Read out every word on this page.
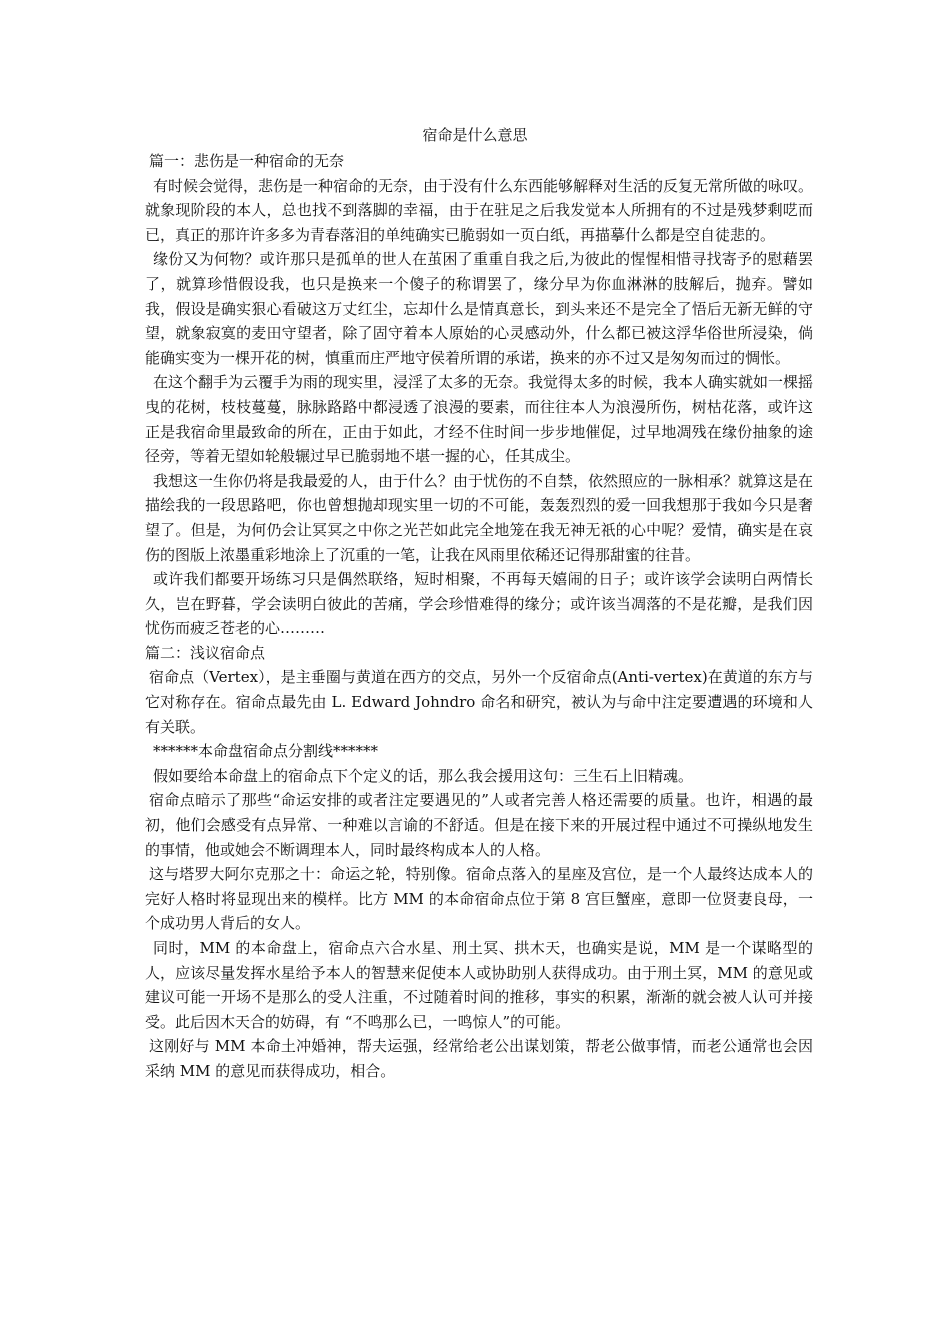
宿命是什么意思

篇一：悲伤是一种宿命的无奈

有时候会觉得，悲伤是一种宿命的无奈，由于没有什么东西能够解释对生活的反复无常所做的咏叹。就象现阶段的本人，总也找不到落脚的幸福，由于在驻足之后我发觉本人所拥有的不过是残梦剩呓而已，真正的那许许多多为青春落泪的单纯确实已脆弱如一页白纸，再描摹什么都是空自徒悲的。

缘份又为何物？或许那只是孤单的世人在茧困了重重自我之后,为彼此的惺惺相惜寻找寄予的慰藉罢了，就算珍惜假设我，也只是换来一个傻子的称谓罢了，缘分早为你血淋淋的肢解后，抛弃。譬如我，假设是确实狠心看破这万丈红尘，忘却什么是情真意长，到头来还不是完全了悟后无新无鲜的守望，就象寂寞的麦田守望者，除了固守着本人原始的心灵感动外，什么都已被这浮华俗世所浸染，倘能确实变为一棵开花的树，慎重而庄严地守侯着所谓的承诺，换来的亦不过又是匆匆而过的惆怅。

在这个翻手为云覆手为雨的现实里，浸淫了太多的无奈。我觉得太多的时候，我本人确实就如一棵摇曳的花树，枝枝蔓蔓，脉脉路路中都浸透了浪漫的要素，而往往本人为浪漫所伤，树枯花落，或许这正是我宿命里最致命的所在，正由于如此，才经不住时间一步步地催促，过早地凋残在缘份抽象的途径旁，等着无望如轮般辗过早已脆弱地不堪一握的心，任其成尘。

我想这一生你仍将是我最爱的人，由于什么？由于忧伤的不自禁，依然照应的一脉相承？就算这是在描绘我的一段思路吧，你也曾想抛却现实里一切的不可能，轰轰烈烈的爱一回我想那于我如今只是奢望了。但是，为何仍会让冥冥之中你之光芒如此完全地笼在我无神无祇的心中呢？爱情，确实是在哀伤的图版上浓墨重彩地涂上了沉重的一笔，让我在风雨里依稀还记得那甜蜜的往昔。

或许我们都要开场练习只是偶然联络，短时相聚，不再每天嬉闹的日子；或许该学会读明白两情长久，岂在野暮，学会读明白彼此的苦痛，学会珍惜难得的缘分；或许该当凋落的不是花瓣，是我们因忧伤而疲乏苍老的心………

篇二：浅议宿命点

宿命点（Vertex），是主垂圈与黄道在西方的交点，另外一个反宿命点(Anti-vertex)在黄道的东方与它对称存在。宿命点最先由 L. Edward Johndro 命名和研究，被认为与命中注定要遭遇的环境和人有关联。

******本命盘宿命点分割线******

假如要给本命盘上的宿命点下个定义的话，那么我会援用这句：三生石上旧精魂。

宿命点暗示了那些“命运安排的或者注定要遇见的”人或者完善人格还需要的质量。也许，相遇的最初，他们会感受有点异常、一种难以言谕的不舒适。但是在接下来的开展过程中通过不可操纵地发生的事情，他或她会不断调理本人，同时最终构成本人的人格。

这与塔罗大阿尔克那之十：命运之轮，特别像。宿命点落入的星座及宫位，是一个人最终达成本人的完好人格时将显现出来的模样。比方 MM 的本命宿命点位于第 8 宫巨蟹座，意即一位贤妻良母，一个成功男人背后的女人。

同时，MM 的本命盘上，宿命点六合水星、刑土冥、拱木天，也确实是说，MM 是一个谋略型的人，应该尽量发挥水星给予本人的智慧来促使本人或协助别人获得成功。由于刑土冥，MM 的意见或建议可能一开场不是那么的受人注重，不过随着时间的推移，事实的积累，渐渐的就会被人认可并接受。此后因木天合的妨碍，有 “不鸣那么已，一鸣惊人”的可能。

这刚好与 MM 本命土冲婚神，帮夫运强，经常给老公出谋划策，帮老公做事情，而老公通常也会因采纳 MM 的意见而获得成功，相合。
